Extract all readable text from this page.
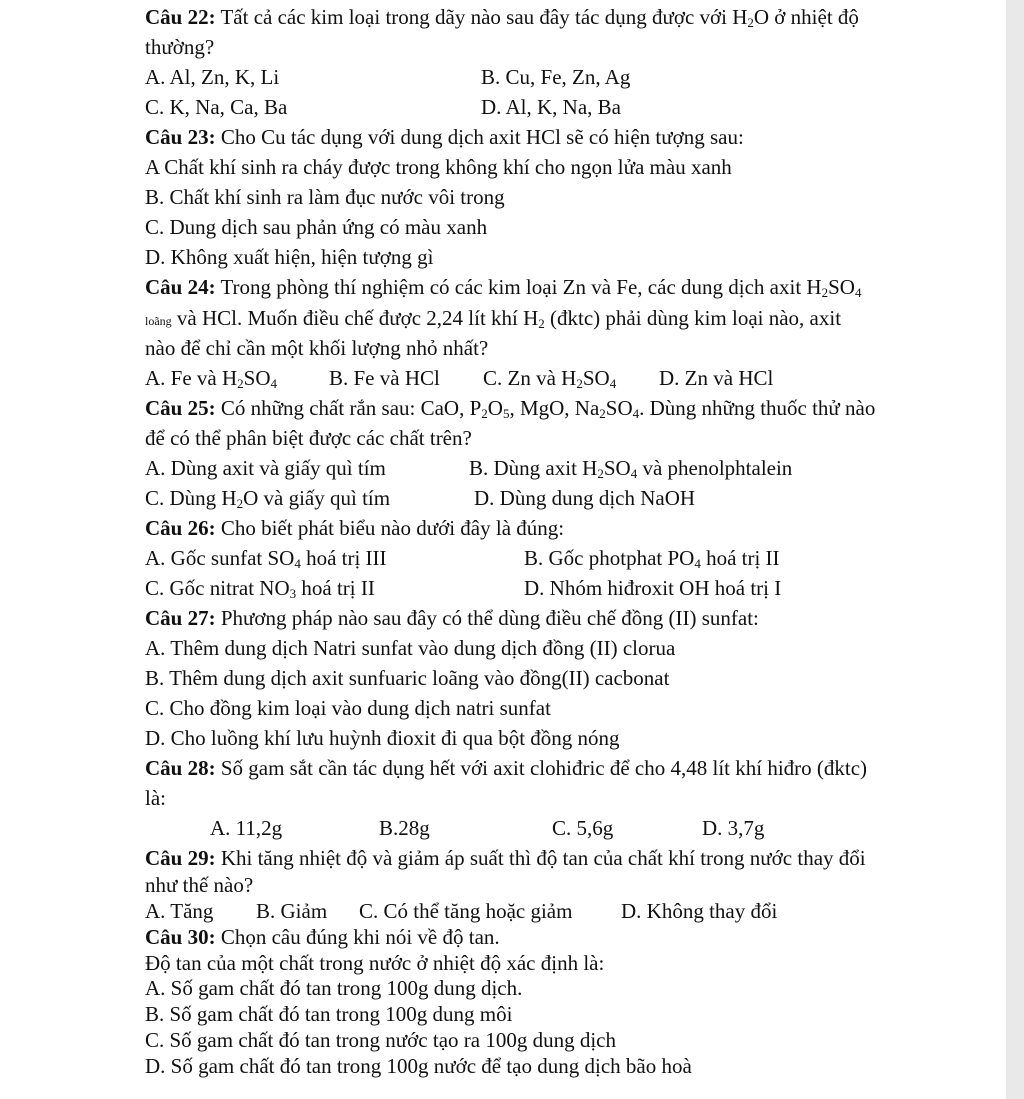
Câu 22: Tất cả các kim loại trong dãy nào sau đây tác dụng được với $H_2O$ ở nhiệt độ

thường?

A. Al, Zn, K, Li	B. Cu, Fe, Zn, Ag

C. K, Na, Ca, Ba	D. Al, K, Na, Ba

Câu 23: Cho Cu tác dụng với dung dịch axit HCl sẽ có hiện tượng sau:

A Chất khí sinh ra cháy được trong không khí cho ngọn lửa màu xanh

B. Chất khí sinh ra làm đục nước vôi trong

C. Dung dịch sau phản ứng có màu xanh

D. Không xuất hiện, hiện tượng gì

Câu 24: Trong phòng thí nghiệm có các kim loại Zn và Fe, các dung dịch axit $H_2SO_4$

loãng và HCl. Muốn điều chế được 2,24 lít khí $H_2$ (đktc) phải dùng kim loại nào, axit

nào để chỉ cần một khối lượng nhỏ nhất?

A. Fe và $H_2SO_4$ B. Fe và HCl C. Zn và $H_2SO_4$ D. Zn và HCl

Câu 25: Có những chất rắn sau: CaO, $P_2O_5$, MgO, $Na_2SO_4$. Dùng những thuốc thử nào

để có thể phân biệt được các chất trên?

A. Dùng axit và giấy quì tím	B. Dùng axit $H_2SO_4$ và phenolphtalein

C. Dùng $H_2O$ và giấy quì tím	D. Dùng dung dịch NaOH

Câu 26: Cho biết phát biểu nào dưới đây là đúng:

A. Gốc sunfat $SO_4$ hoá trị III	B. Gốc photphat $PO_4$ hoá trị II

C. Gốc nitrat $NO_3$ hoá trị II	D. Nhóm hiđroxit OH hoá trị I

Câu 27: Phương pháp nào sau đây có thể dùng điều chế đồng (II) sunfat:

A. Thêm dung dịch Natri sunfat vào dung dịch đồng (II) clorua

B. Thêm dung dịch axit sunfuaric loãng vào đồng(II) cacbonat

C. Cho đồng kim loại vào dung dịch natri sunfat

D. Cho luồng khí lưu huỳnh đioxit đi qua bột đồng nóng

Câu 28: Số gam sắt cần tác dụng hết với axit clohiđric để cho 4,48 lít khí hiđro (đktc)

là:

A. 11,2g	B.28g	C. 5,6g	D. 3,7g

Câu 29: Khi tăng nhiệt độ và giảm áp suất thì độ tan của chất khí trong nước thay đổi

như thế nào?

A. Tăng B. Giảm C. Có thể tăng hoặc giảm D. Không thay đổi

Câu 30: Chọn câu đúng khi nói về độ tan.

Độ tan của một chất trong nước ở nhiệt độ xác định là:

A. Số gam chất đó tan trong 100g dung dịch.

B. Số gam chất đó tan trong 100g dung môi

C. Số gam chất đó tan trong nước tạo ra 100g dung dịch

D. Số gam chất đó tan trong 100g nước để tạo dung dịch bão hoà
